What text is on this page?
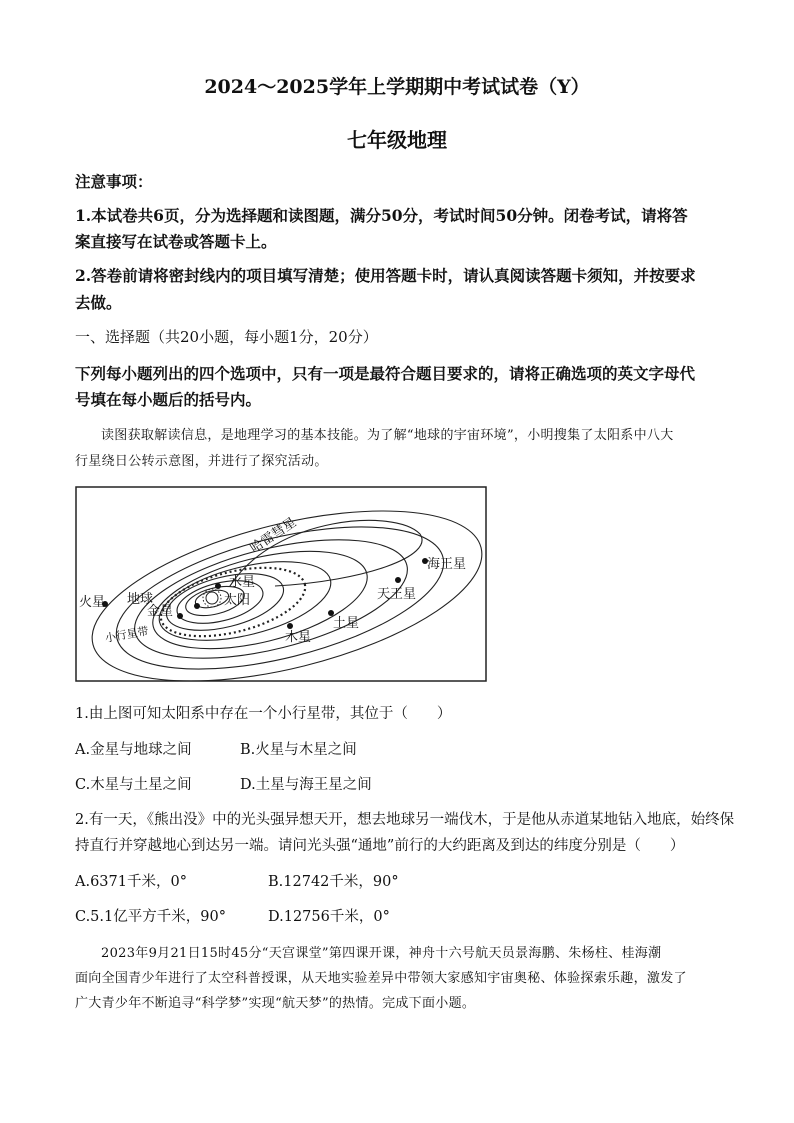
2024～2025学年上学期期中考试试卷（Y）
七年级地理
注意事项：
1.本试卷共6页，分为选择题和读图题，满分50分，考试时间50分钟。闭卷考试，请将答
案直接写在试卷或答题卡上。
2.答卷前请将密封线内的项目填写清楚；使用答题卡时，请认真阅读答题卡须知，并按要求
去做。
一、选择题（共20小题，每小题1分，20分）
下列每小题列出的四个选项中，只有一项是最符合题目要求的，请将正确选项的英文字母代
号填在每小题后的括号内。
读图获取解读信息，是地理学习的基本技能。为了解“地球的宇宙环境”，小明搜集了太阳系中八大
行星绕日公转示意图，并进行了探究活动。
哈雷彗星
海王星
天王星
土星
木星
水星
太阳
金星
地球
火星
小行星带
1.由上图可知太阳系中存在一个小行星带，其位于（　　）
A.金星与地球之间	B.火星与木星之间
C.木星与土星之间	D.土星与海王星之间
2.有一天，《熊出没》中的光头强异想天开，想去地球另一端伐木，于是他从赤道某地钻入地底，始终保
持直行并穿越地心到达另一端。请问光头强“通地”前行的大约距离及到达的纬度分别是（　　）
A.6371千米，0°	B.12742千米，90°
C.5.1亿平方千米，90°	D.12756千米，0°
2023年9月21日15时45分“天宫课堂”第四课开课，神舟十六号航天员景海鹏、朱杨柱、桂海潮
面向全国青少年进行了太空科普授课，从天地实验差异中带领大家感知宇宙奥秘、体验探索乐趣，激发了
广大青少年不断追寻“科学梦”实现“航天梦”的热情。完成下面小题。
